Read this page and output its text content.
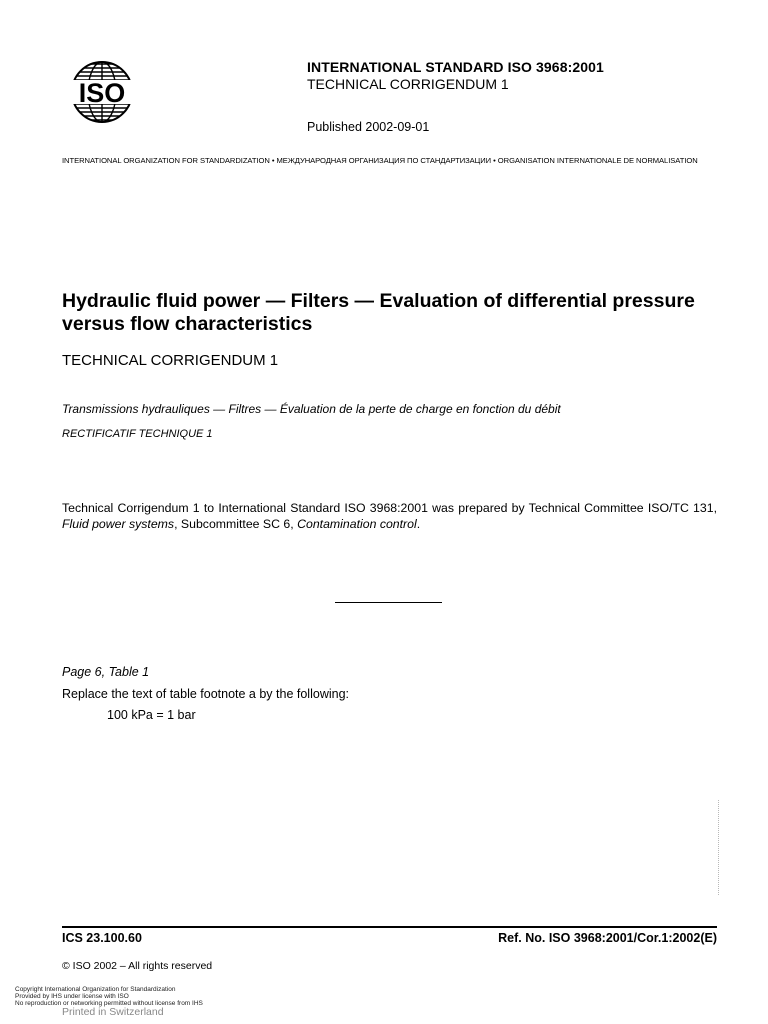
ISO
INTERNATIONAL STANDARD ISO 3968:2001
TECHNICAL CORRIGENDUM 1
Published 2002-09-01
INTERNATIONAL ORGANIZATION FOR STANDARDIZATION • МЕЖДУНАРОДНАЯ ОРГАНИЗАЦИЯ ПО СТАНДАРТИЗАЦИИ • ORGANISATION INTERNATIONALE DE NORMALISATION
Hydraulic fluid power — Filters — Evaluation of differential pressure versus flow characteristics
TECHNICAL CORRIGENDUM 1
Transmissions hydrauliques — Filtres — Évaluation de la perte de charge en fonction du débit
RECTIFICATIF TECHNIQUE 1
Technical Corrigendum 1 to International Standard ISO 3968:2001 was prepared by Technical Committee ISO/TC 131, Fluid power systems, Subcommittee SC 6, Contamination control.
Page 6, Table 1
Replace the text of table footnote a by the following:
100 kPa = 1 bar
ICS 23.100.60	Ref. No. ISO 3968:2001/Cor.1:2002(E)
© ISO 2002 – All rights reserved
Printed in Switzerland
Copyright International Organization for Standardization
Provided by IHS under license with ISO
No reproduction or networking permitted without license from IHS
